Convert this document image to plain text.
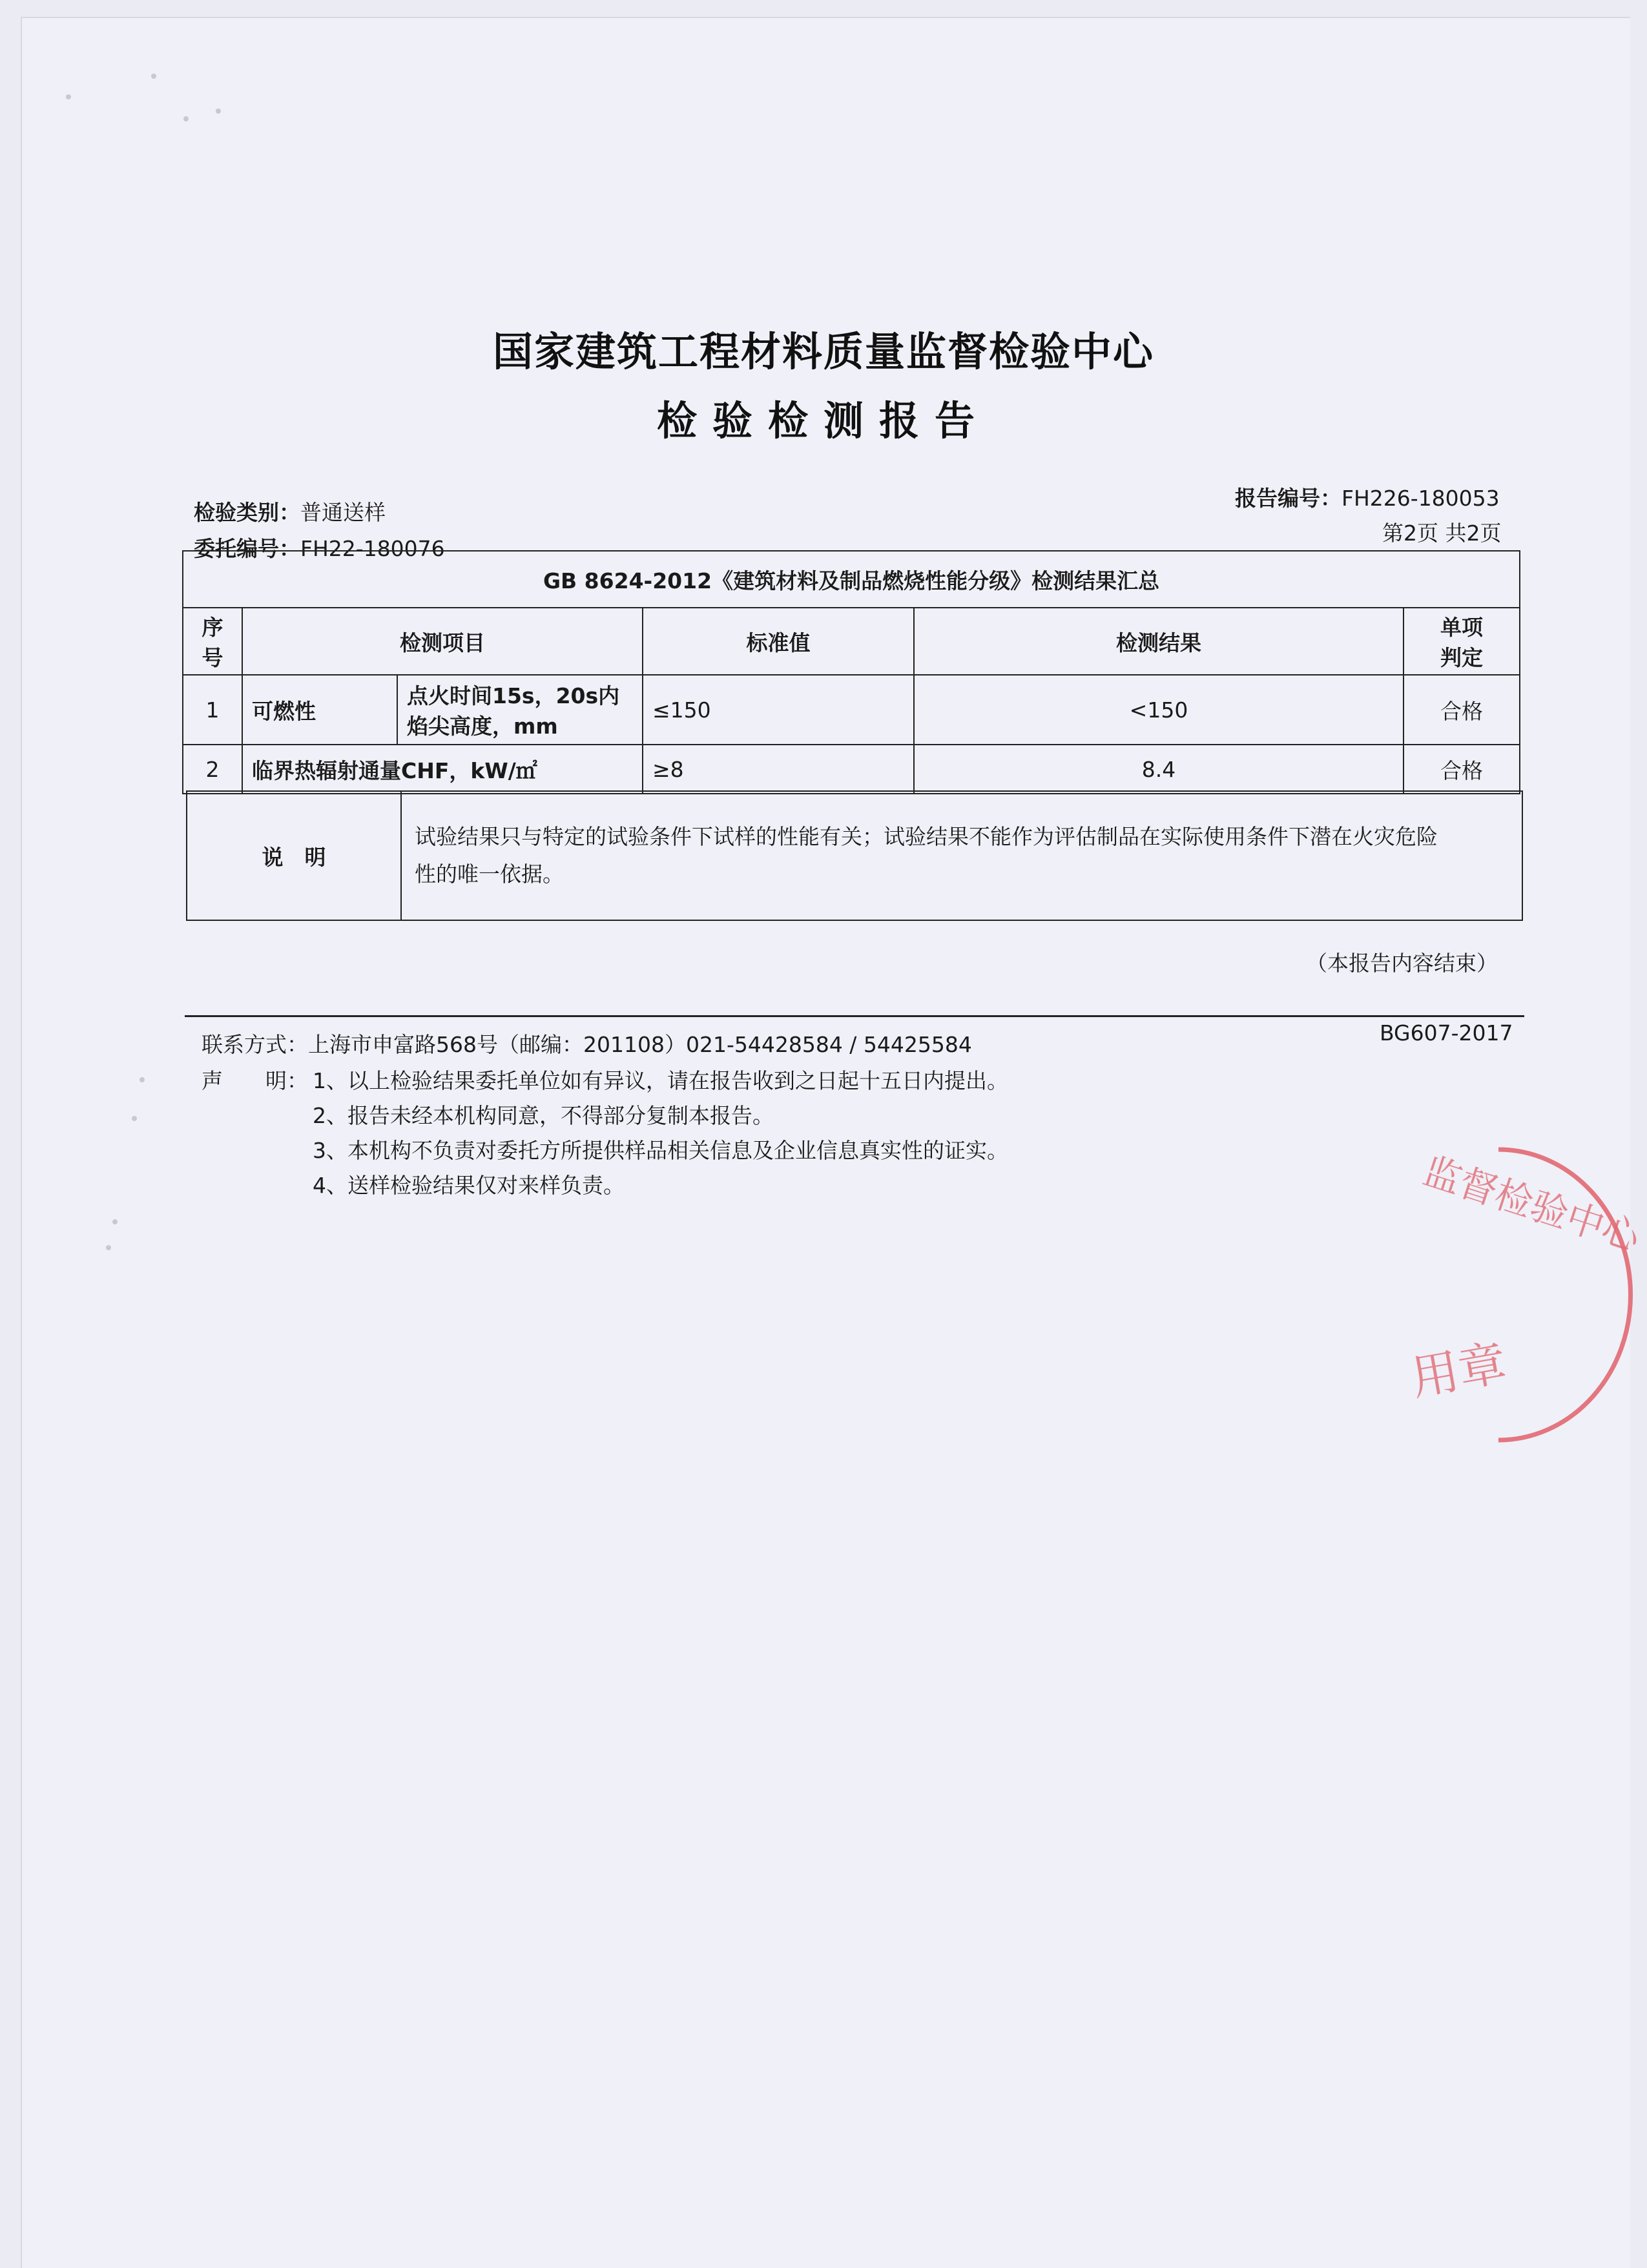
国家建筑工程材料质量监督检验中心
检验检测报告
检验类别：普通送样
委托编号：FH22-180076
报告编号：FH226-180053
第2页 共2页
GB 8624-2012《建筑材料及制品燃烧性能分级》检测结果汇总					
序号	检测项目		标准值	检测结果	单项
判定
1	可燃性	点火时间15s，20s内
焰尖高度，mm	≤150	<150	合格
2	临界热辐射通量CHF，kW/㎡		≥8	8.4	合格
说　明	试验结果只与特定的试验条件下试样的性能有关；试验结果不能作为评估制品在实际使用条件下潜在火灾危险
性的唯一依据。
（本报告内容结束）
联系方式：上海市申富路568号（邮编：201108）021-54428584 / 54425584	BG607-2017
声　　明： 1、以上检验结果委托单位如有异议，请在报告收到之日起十五日内提出。
2、报告未经本机构同意，不得部分复制本报告。
3、本机构不负责对委托方所提供样品相关信息及企业信息真实性的证实。
4、送样检验结果仅对来样负责。	监督检验中心
用章
